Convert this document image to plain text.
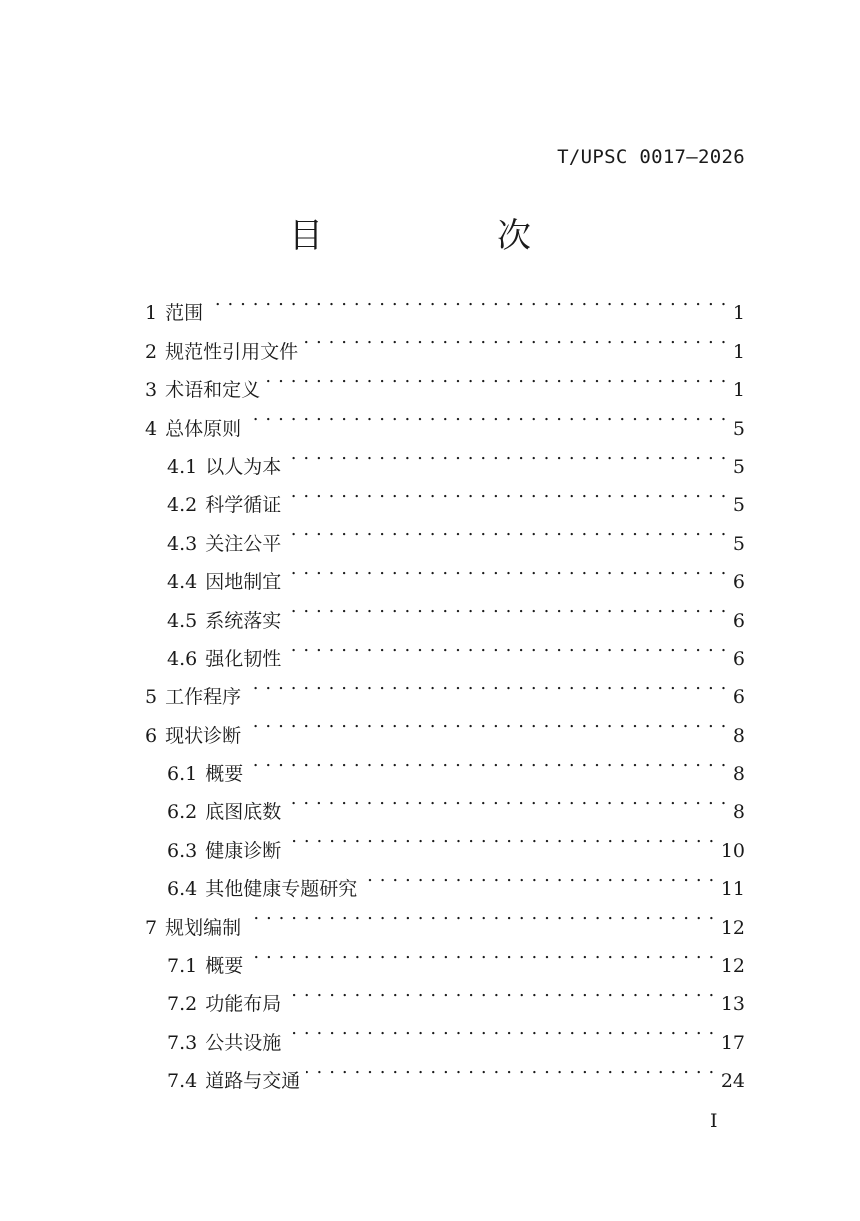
T/UPSC 0017—2026
目　次
1 范围 . . .	1
2 规范性引用文件 . . .	1
3 术语和定义 . . .	1
4 总体原则 . . .	5
4.1 以人为本 . . .	5
4.2 科学循证 . . .	5
4.3 关注公平 . . .	5
4.4 因地制宜 . . .	6
4.5 系统落实 . . .	6
4.6 强化韧性 . . .	6
5 工作程序 . . .	6
6 现状诊断 . . .	8
6.1 概要 . . .	8
6.2 底图底数 . . .	8
6.3 健康诊断 . . .	10
6.4 其他健康专题研究 . . .	11
7 规划编制 . . .	12
7.1 概要 . . .	12
7.2 功能布局 . . .	13
7.3 公共设施 . . .	17
7.4 道路与交通 . . .	24
I
